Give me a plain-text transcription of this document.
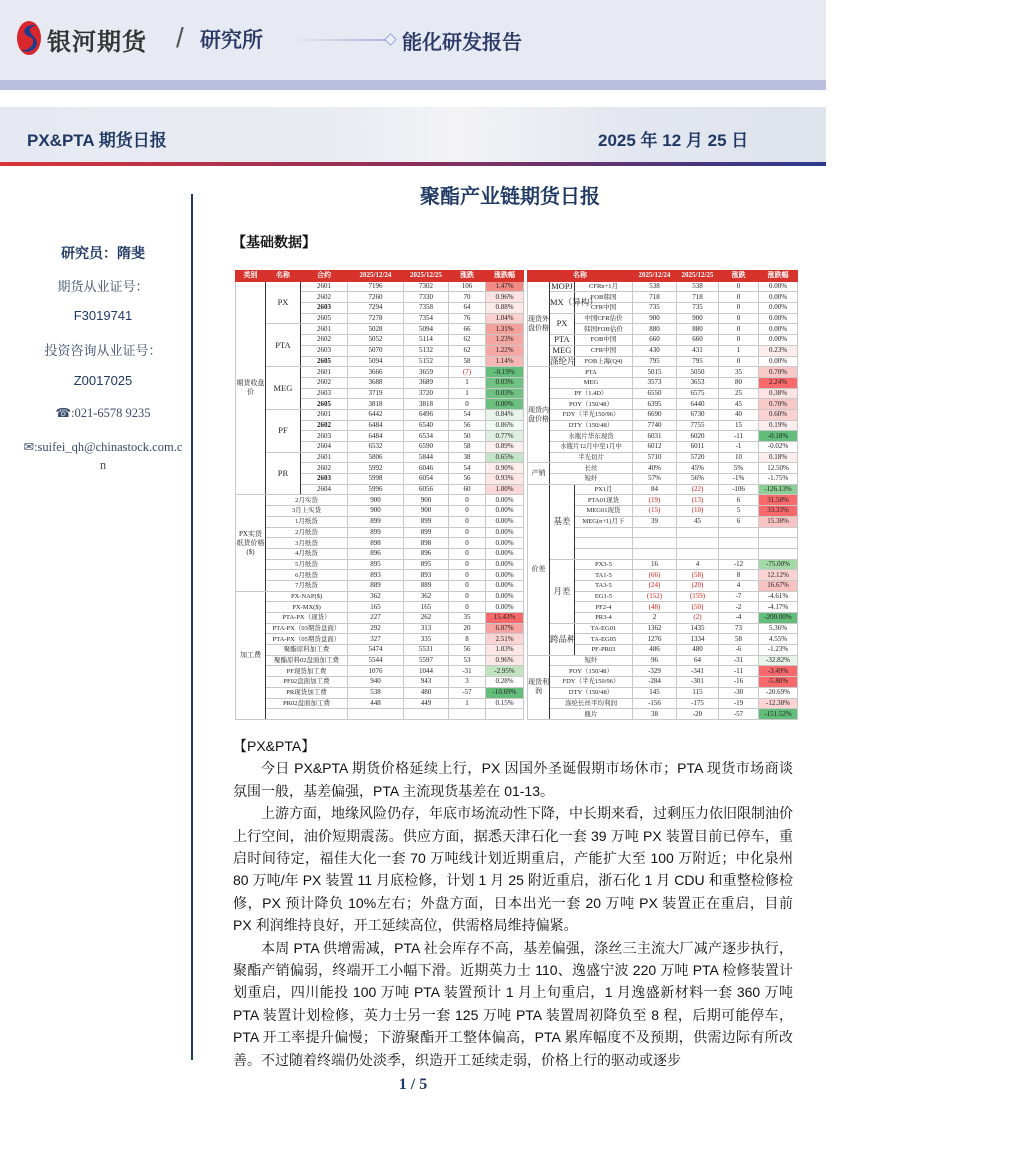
银河期货 / 研究所	能化研发报告
PX&PTA 期货日报	2025 年 12 月 25 日
聚酯产业链期货日报
研究员：隋斐
期货从业证号：
F3019741
投资咨询从业证号：
Z0017025
☎:021-6578 9235
✉:suifei_qh@chinastock.com.cn
【基础数据】
类别	名称	合约	2025/12/24	2025/12/25	涨跌	涨跌幅
期货收盘价	PX	2601	7196	7302	106	1.47%
		2602	7260	7330	70	0.96%
		2603	7294	7358	64	0.88%
		2605	7278	7354	76	1.04%
	PTA	2601	5028	5094	66	1.31%
		2602	5052	5114	62	1.23%
		2603	5070	5132	62	1.22%
		2605	5094	5152	58	1.14%
	MEG	2601	3666	3659	(7)	-0.19%
		2602	3688	3689	1	0.03%
		2603	3719	3720	1	0.03%
		2605	3818	3818	0	0.00%
	PF	2601	6442	6496	54	0.84%
		2602	6484	6540	56	0.86%
		2603	6484	6534	50	0.77%
		2604	6532	6590	58	0.89%
	PR	2601	5806	5844	38	0.65%
		2602	5992	6046	54	0.90%
		2603	5998	6054	56	0.93%
		2604	5996	6056	60	1.00%
PX实货纸货价格($)	2月实货		900	900	0	0.00%
	3月上实货		900	900	0	0.00%
	1月纸货		899	899	0	0.00%
	2月纸货		899	899	0	0.00%
	3月纸货		898	898	0	0.00%
	4月纸货		896	896	0	0.00%
	5月纸货		895	895	0	0.00%
	6月纸货		893	893	0	0.00%
	7月纸货		889	889	0	0.00%
加工费	PX-NAP($)		362	362	0	0.00%
	PX-MX($)		165	165	0	0.00%
	PTA-PX（现货）		227	262	35	15.43%
	PTA-PX（03期货盘面）		292	313	20	6.87%
	PTA-PX（05期货盘面）		327	335	8	2.51%
	聚酯原料加工费		5474	5531	56	1.03%
	聚酯原料02盘面加工费		5544	5597	53	0.96%
	PF现货加工费		1076	1044	-31	-2.95%
	PF02盘面加工费		940	943	3	0.28%
	PR现货加工费		538	480	-57	-10.69%
	PR02盘面加工费		448	449	1	0.15%

名称			2025/12/24	2025/12/25	涨跌	涨跌幅
现货外盘价格	MOPJ	CFRn+1月	538	538	0	0.00%
	MX（异构）	FOB韩国	718	718	0	0.00%
		CFR中国	735	735	0	0.00%
	PX	中国CFR估价	900	900	0	0.00%
		韩国FOB估价	880	880	0	0.00%
	PTA	FOB中国	660	660	0	0.00%
	MEG	CFR中国	430	431	1	0.23%
	涤纶片	FOB上海(Q4)	795	795	0	0.00%
现货内盘价格	PTA		5015	5050	35	0.70%
	MEG		3573	3653	80	2.24%
	PF（1.4D）		6550	6575	25	0.38%
	POY（150/48）		6395	6440	45	0.70%
	FDY（半光150/96）		6690	6730	40	0.60%
	DTY（150/48）		7740	7755	15	0.19%
	水瓶片华东现货		6031	6020	-11	-0.18%
	水瓶片12月中至1月中		6012	6011	-1	-0.02%
	半光切片		5710	5720	10	0.18%
产销	长丝		40%	45%	5%	12.50%
	短纤		57%	56%	-1%	-1.75%
价差	基差	PX1月	84	(22)	-106	-126.13%
		PTA01现货	(19)	(13)	6	31.58%
		MEG01现货	(15)	(10)	5	33.33%
		MEG(n+1)月下	39	45	6	15.38%

	月差	PX3-5	16	4	-12	-75.00%
		TA1-5	(66)	(58)	8	12.12%
		TA3-5	(24)	(20)	4	16.67%
		EG1-5	(152)	(159)	-7	-4.61%
		PF2-4	(48)	(50)	-2	-4.17%
		PR3-4	2	(2)	-4	-200.00%
	跨品种	TA-EG01	1362	1435	73	5.36%
		TA-EG05	1276	1334	58	4.55%
		PF-PR03	486	480	-6	-1.23%
现货利润	短纤		96	64	-31	-32.82%
	POY（150/48）		-329	-341	-11	-3.49%
	FDY（半光150/96）		-284	-301	-16	-5.80%
	DTY（150/48）		145	115	-30	-20.69%
	涤纶长丝平均利润		-156	-175	-19	-12.38%
	瓶片		38	-20	-57	-151.52%

【PX&PTA】

今日 PX&PTA 期货价格延续上行，PX 因国外圣诞假期市场休市；PTA 现货市场商谈氛围一般，基差偏强，PTA 主流现货基差在 01-13。

上游方面，地缘风险仍存，年底市场流动性下降，中长期来看，过剩压力依旧限制油价上行空间，油价短期震荡。供应方面，据悉天津石化一套 39 万吨 PX 装置目前已停车，重启时间待定，福佳大化一套 70 万吨线计划近期重启，产能扩大至 100 万附近；中化泉州 80 万吨/年 PX 装置 11 月底检修，计划 1 月 25 附近重启，浙石化 1 月 CDU 和重整检修检修，PX 预计降负 10%左右；外盘方面，日本出光一套 20 万吨 PX 装置正在重启，目前 PX 利润维持良好，开工延续高位，供需格局维持偏紧。

本周 PTA 供增需减，PTA 社会库存不高，基差偏强，涤丝三主流大厂减产逐步执行，聚酯产销偏弱，终端开工小幅下滑。近期英力士 110、逸盛宁波 220 万吨 PTA 检修装置计划重启，四川能投 100 万吨 PTA 装置预计 1 月上旬重启，1 月逸盛新材料一套 360 万吨 PTA 装置计划检修，英力士另一套 125 万吨 PTA 装置周初降负至 8 程，后期可能停车，PTA 开工率提升偏慢；下游聚酯开工整体偏高，PTA 累库幅度不及预期，供需边际有所改善。不过随着终端仍处淡季，织造开工延续走弱，价格上行的驱动或逐步

1 / 5
